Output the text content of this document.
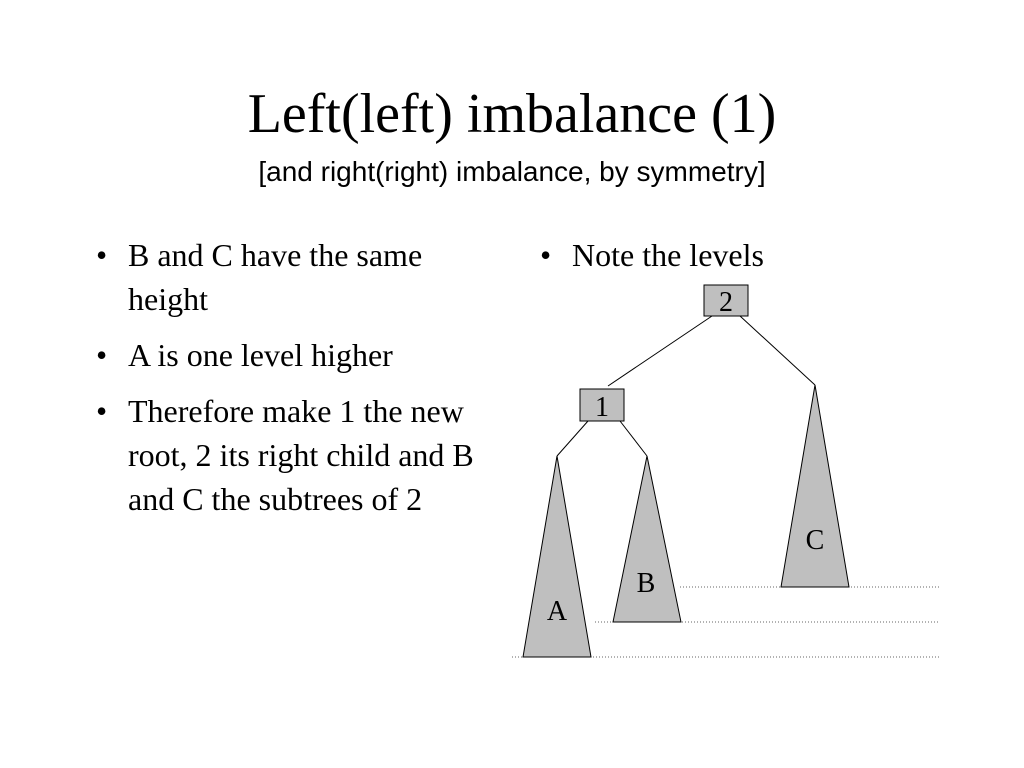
Left(left) imbalance (1)
[and right(right) imbalance, by symmetry]
• B and C have the same height
• A is one level higher
• Therefore make 1 the new root, 2 its right child and B and C the subtrees of 2
• Note the levels
A
B
C
2
1
